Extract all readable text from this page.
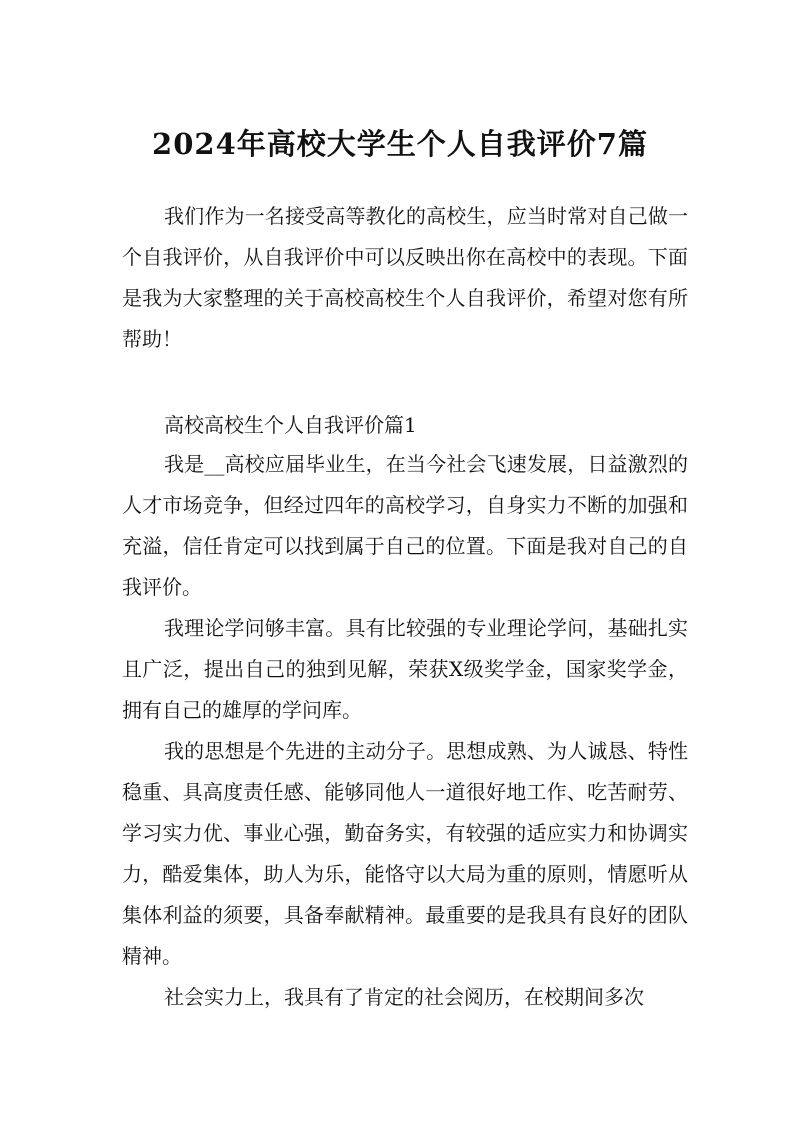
2024年高校大学生个人自我评价7篇

我们作为一名接受高等教化的高校生，应当时常对自己做一个自我评价，从自我评价中可以反映出你在高校中的表现。下面是我为大家整理的关于高校高校生个人自我评价，希望对您有所帮助！

高校高校生个人自我评价篇1

我是__高校应届毕业生，在当今社会飞速发展，日益激烈的人才市场竞争，但经过四年的高校学习，自身实力不断的加强和充溢，信任肯定可以找到属于自己的位置。下面是我对自己的自我评价。

我理论学问够丰富。具有比较强的专业理论学问，基础扎实且广泛，提出自己的独到见解，荣获X级奖学金，国家奖学金，拥有自己的雄厚的学问库。

我的思想是个先进的主动分子。思想成熟、为人诚恳、特性稳重、具高度责任感、能够同他人一道很好地工作、吃苦耐劳、学习实力优、事业心强，勤奋务实，有较强的适应实力和协调实力，酷爱集体，助人为乐，能恪守以大局为重的原则，情愿听从集体利益的须要，具备奉献精神。最重要的是我具有良好的团队精神。

社会实力上，我具有了肯定的社会阅历，在校期间多次
